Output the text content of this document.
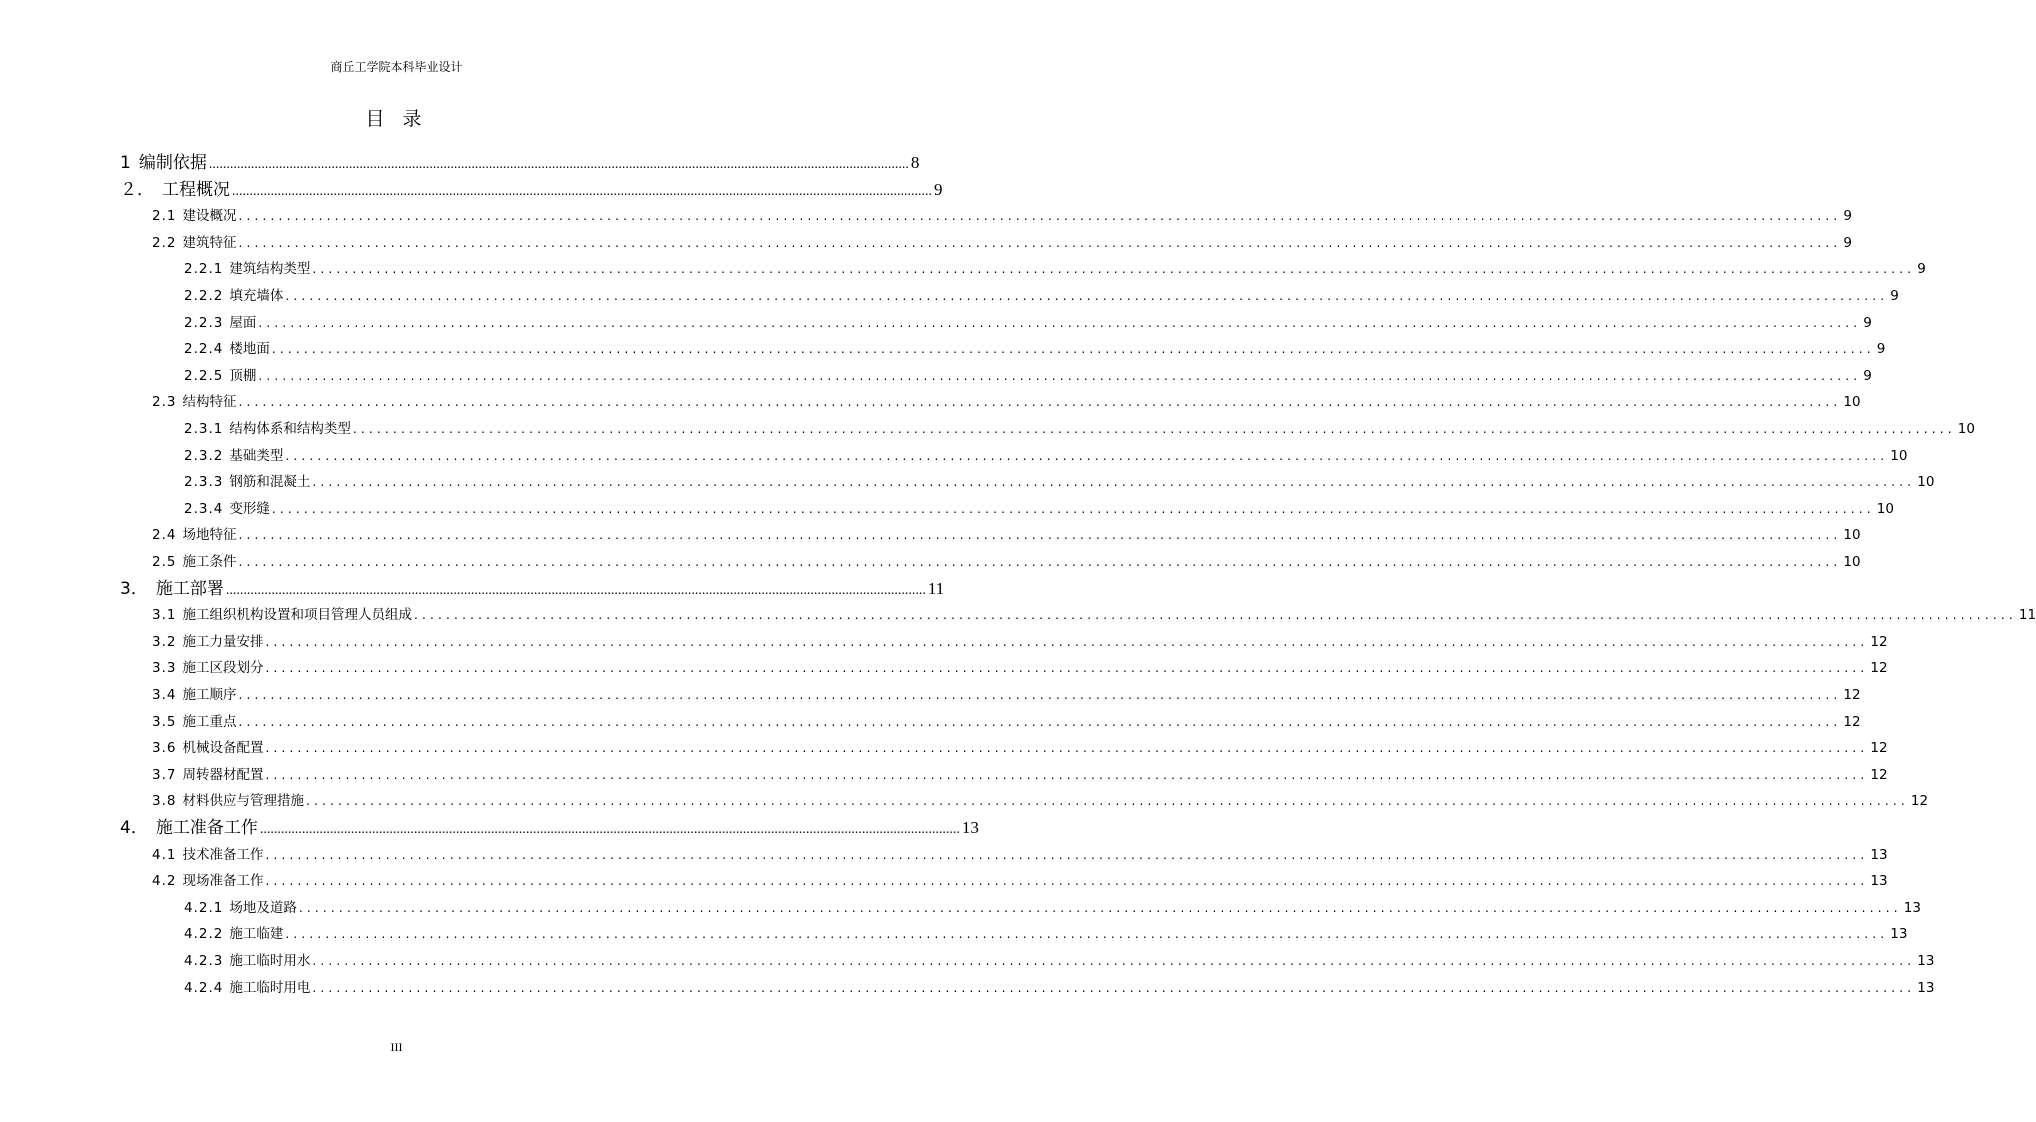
商丘工学院本科毕业设计
目 录
1 编制依据 ........................................................................................................................................................................................................ 8
２． 工程概况 ........................................................................................................................................................................................................ 9
2.1 建设概况 ........................................................................................................................................................................................................ 9
2.2 建筑特征 ........................................................................................................................................................................................................ 9
2.2.1 建筑结构类型 ........................................................................................................................................................................................................ 9
2.2.2 填充墙体 ........................................................................................................................................................................................................ 9
2.2.3 屋面 ........................................................................................................................................................................................................ 9
2.2.4 楼地面 ........................................................................................................................................................................................................ 9
2.2.5 顶棚 ........................................................................................................................................................................................................ 9
2.3 结构特征 ........................................................................................................................................................................................................ 10
2.3.1 结构体系和结构类型 ........................................................................................................................................................................................................ 10
2.3.2 基础类型 ........................................................................................................................................................................................................ 10
2.3.3 钢筋和混凝土 ........................................................................................................................................................................................................ 10
2.3.4 变形缝 ........................................................................................................................................................................................................ 10
2.4 场地特征 ........................................................................................................................................................................................................ 10
2.5 施工条件 ........................................................................................................................................................................................................ 10
3． 施工部署 ........................................................................................................................................................................................................ 11
3.1 施工组织机构设置和项目管理人员组成 ........................................................................................................................................................................................................ 11
3.2 施工力量安排 ........................................................................................................................................................................................................ 12
3.3 施工区段划分 ........................................................................................................................................................................................................ 12
3.4 施工顺序 ........................................................................................................................................................................................................ 12
3.5 施工重点 ........................................................................................................................................................................................................ 12
3.6 机械设备配置 ........................................................................................................................................................................................................ 12
3.7 周转器材配置 ........................................................................................................................................................................................................ 12
3.8 材料供应与管理措施 ........................................................................................................................................................................................................ 12
4． 施工准备工作 ........................................................................................................................................................................................................ 13
4.1 技术准备工作 ........................................................................................................................................................................................................ 13
4.2 现场准备工作 ........................................................................................................................................................................................................ 13
4.2.1 场地及道路 ........................................................................................................................................................................................................ 13
4.2.2 施工临建 ........................................................................................................................................................................................................ 13
4.2.3 施工临时用水 ........................................................................................................................................................................................................ 13
4.2.4 施工临时用电 ........................................................................................................................................................................................................ 13
III
